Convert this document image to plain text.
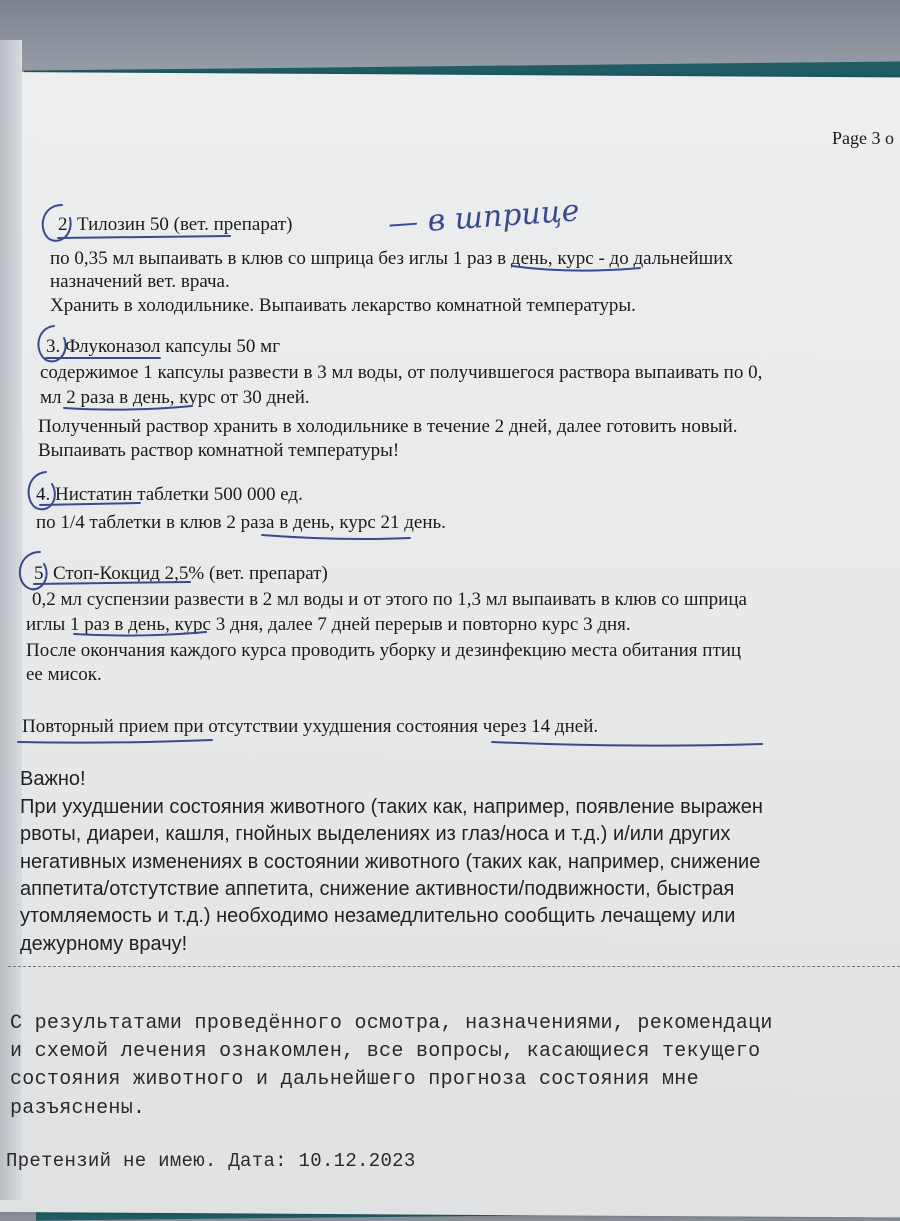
Page 3 o
2. Тилозин 50 (вет. препарат)
по 0,35 мл выпаивать в клюв со шприца без иглы 1 раз в день, курс - до дальнейших
назначений вет. врача.
Хранить в холодильнике. Выпаивать лекарство комнатной температуры.
3. Флуконазол капсулы 50 мг
содержимое 1 капсулы развести в 3 мл воды, от получившегося раствора выпаивать по 0,
мл 2 раза в день, курс от 30 дней.
Полученный раствор хранить в холодильнике в течение 2 дней, далее готовить новый.
Выпаивать раствор комнатной температуры!
4. Нистатин таблетки 500 000 ед.
по 1/4 таблетки в клюв 2 раза в день, курс 21 день.
5. Стоп-Кокцид 2,5% (вет. препарат)
0,2 мл суспензии развести в 2 мл воды и от этого по 1,3 мл выпаивать в клюв со шприца
иглы 1 раз в день, курс 3 дня, далее 7 дней перерыв и повторно курс 3 дня.
После окончания каждого курса проводить уборку и дезинфекцию места обитания птиц
ее мисок.
Повторный прием при отсутствии ухудшения состояния через 14 дней.
Важно!
При ухудшении состояния животного (таких как, например, появление выражен
рвоты, диареи, кашля, гнойных выделениях из глаз/носа и т.д.) и/или других
негативных изменениях в состоянии животного (таких как, например, снижение
аппетита/отстутствие аппетита, снижение активности/подвижности, быстрая
утомляемость и т.д.) необходимо незамедлительно сообщить лечащему или
дежурному врачу!
С результатами проведённого осмотра, назначениями, рекомендаци
и схемой лечения ознакомлен, все вопросы, касающиеся текущего
состояния животного и дальнейшего прогноза состояния мне
разъяснены.
Претензий не имею. Дата: 10.12.2023
— в шприце
